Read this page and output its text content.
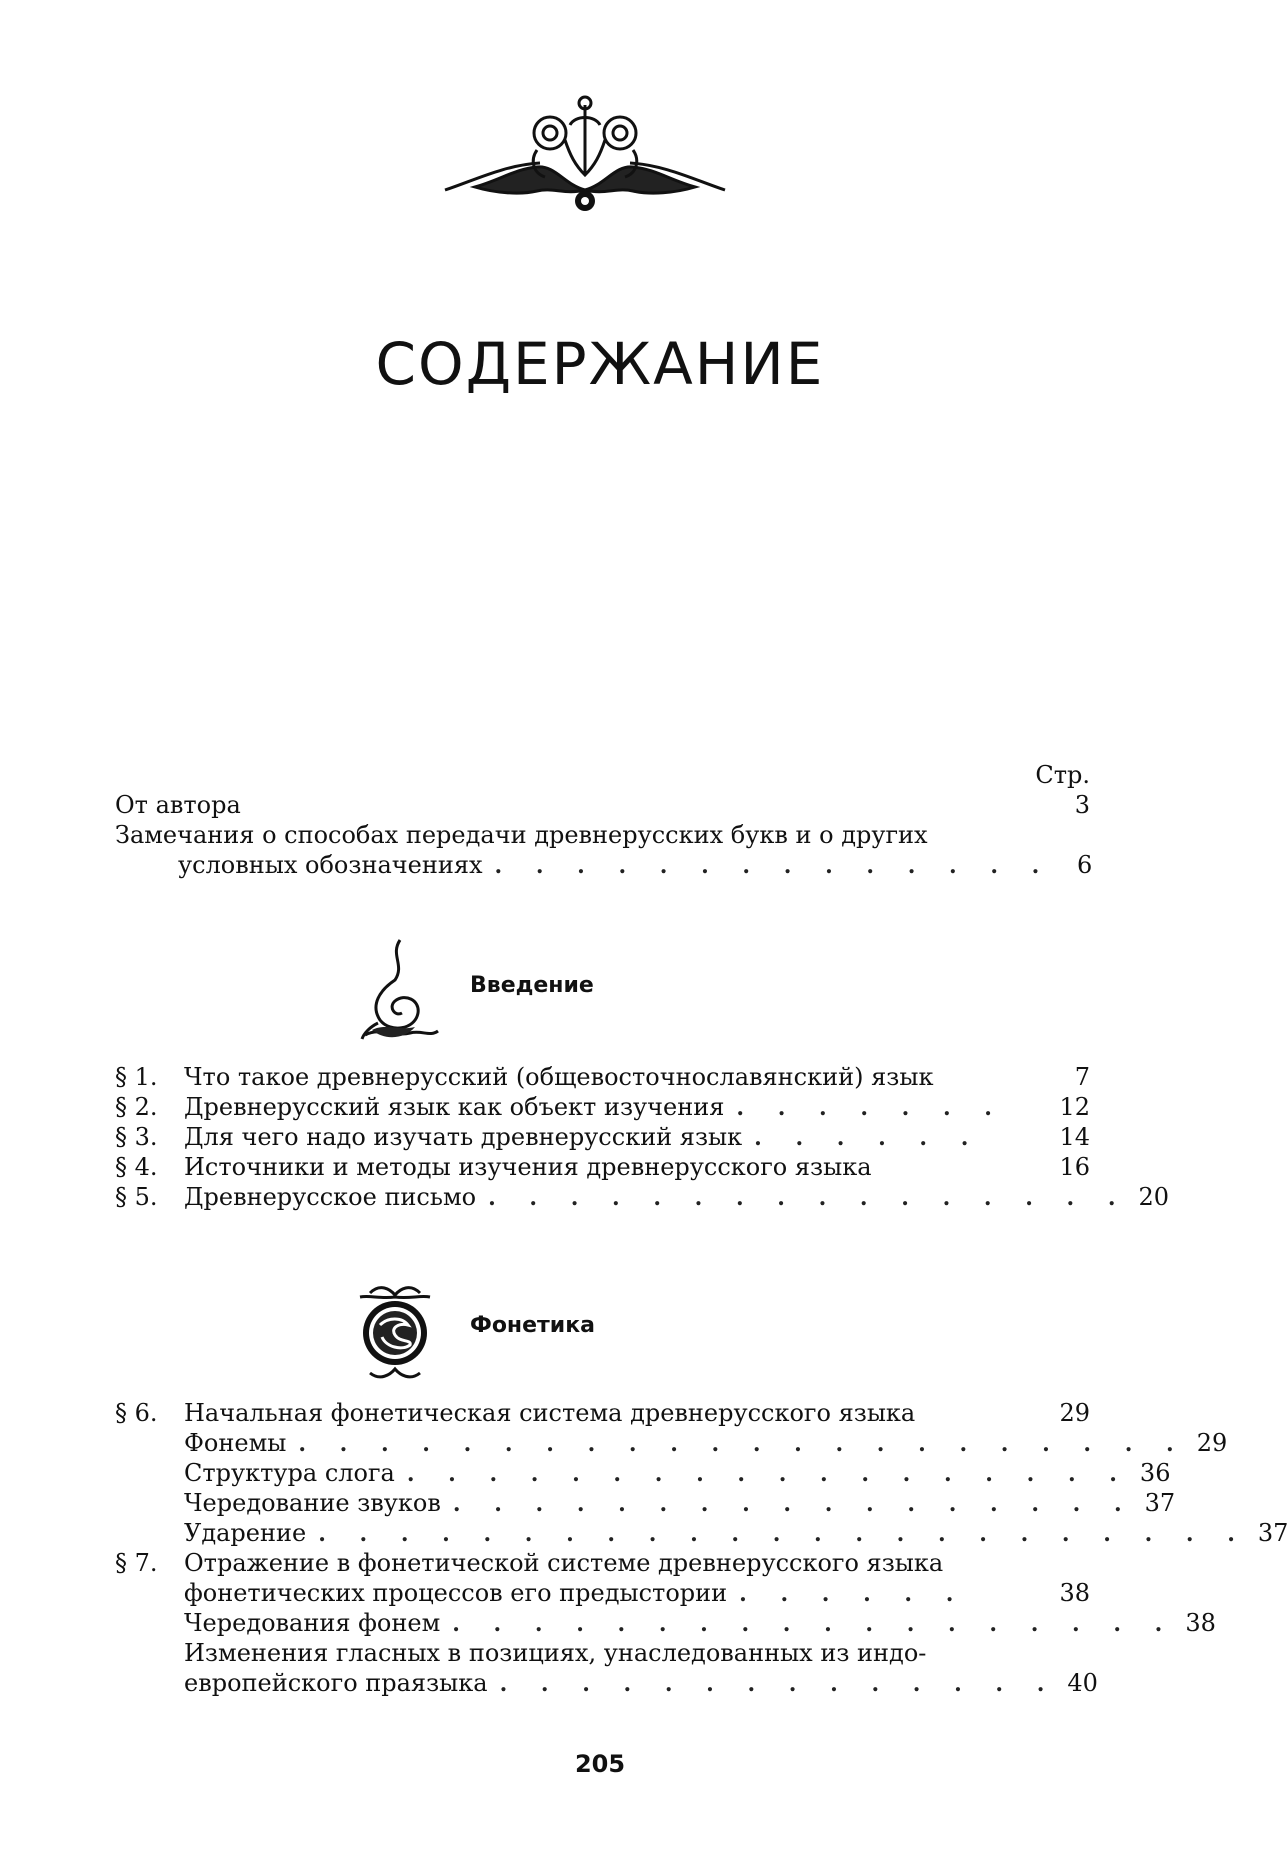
СОДЕРЖАНИЕ
Стр.
От автора	3
Замечания о способах передачи древнерусских букв и о других
условных обозначениях . . . . . . . . . . . . . .	6
Введение
§ 1.	Что такое древнерусский (общевосточнославянский) язык	7
§ 2.	Древнерусский язык как объект изучения . . . . . . .	12
§ 3.	Для чего надо изучать древнерусский язык . . . . . .	14
§ 4.	Источники и методы изучения древнерусского языка	16
§ 5.	Древнерусское письмо . . . . . . . . . . . . . . . . 20
Фонетика
§ 6.	Начальная фонетическая система древнерусского языка	29
Фонемы . . . . . . . . . . . . . . . . . . . . . . 29
Структура слога . . . . . . . . . . . . . . . . . . 36
Чередование звуков . . . . . . . . . . . . . . . . . 37
Ударение . . . . . . . . . . . . . . . . . . . . . . . 37
§ 7.	Отражение в фонетической системе древнерусского языка
фонетических процессов его предыстории . . . . . .	38
Чередования фонем . . . . . . . . . . . . . . . . . . 38
Изменения гласных в позициях, унаследованных из индо-
европейского праязыка . . . . . . . . . . . . . . 40
205
